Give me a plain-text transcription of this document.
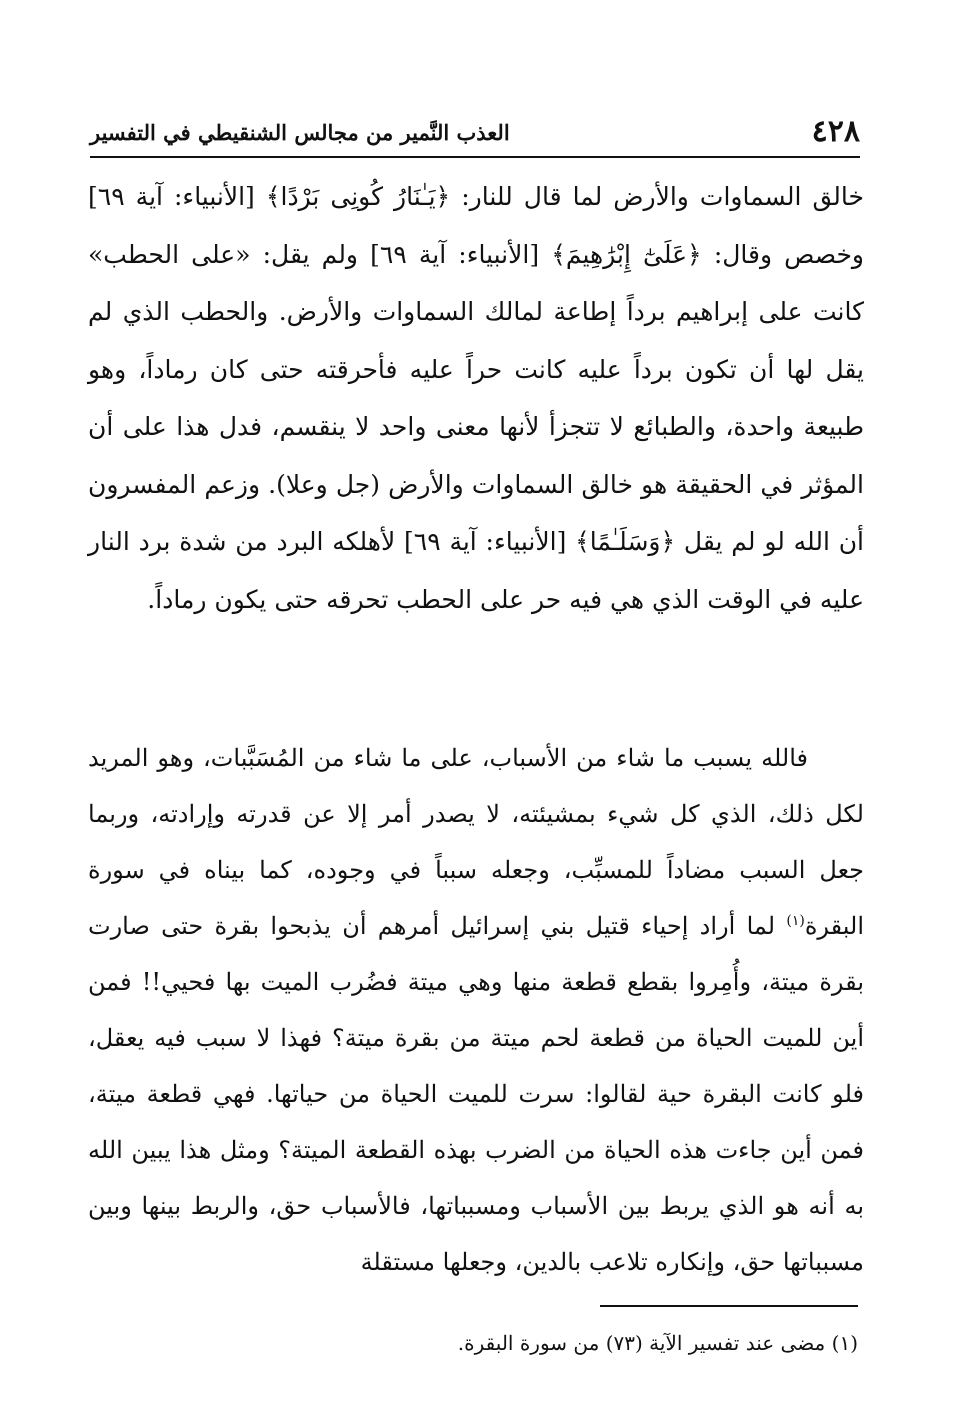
٤٢٨
العذب النَّمير من مجالس الشنقيطي في التفسير

خالق السماوات والأرض لما قال للنار: ﴿يَـٰنَارُ كُونِى بَرْدًا﴾ [الأنبياء: آية ٦٩] وخصص وقال: ﴿عَلَىٰٓ إِبْرَٰهِيمَ﴾ [الأنبياء: آية ٦٩] ولم يقل: «على الحطب» كانت على إبراهيم برداً إطاعة لمالك السماوات والأرض. والحطب الذي لم يقل لها أن تكون برداً عليه كانت حراً عليه فأحرقته حتى كان رماداً، وهو طبيعة واحدة، والطبائع لا تتجزأ لأنها معنى واحد لا ينقسم، فدل هذا على أن المؤثر في الحقيقة هو خالق السماوات والأرض (جل وعلا). وزعم المفسرون أن الله لو لم يقل ﴿وَسَلَـٰمًا﴾ [الأنبياء: آية ٦٩] لأهلكه البرد من شدة برد النار عليه في الوقت الذي هي فيه حر على الحطب تحرقه حتى يكون رماداً.

فالله يسبب ما شاء من الأسباب، على ما شاء من المُسَبَّبات، وهو المريد لكل ذلك، الذي كل شيء بمشيئته، لا يصدر أمر إلا عن قدرته وإرادته، وربما جعل السبب مضاداً للمسبِّب، وجعله سبباً في وجوده، كما بيناه في سورة البقرة$^{(١)}$ لما أراد إحياء قتيل بني إسرائيل أمرهم أن يذبحوا بقرة حتى صارت بقرة ميتة، وأُمِروا بقطع قطعة منها وهي ميتة فضُرب الميت بها فحيي!! فمن أين للميت الحياة من قطعة لحم ميتة من بقرة ميتة؟ فهذا لا سبب فيه يعقل، فلو كانت البقرة حية لقالوا: سرت للميت الحياة من حياتها. فهي قطعة ميتة، فمن أين جاءت هذه الحياة من الضرب بهذه القطعة الميتة؟ ومثل هذا يبين الله به أنه هو الذي يربط بين الأسباب ومسبباتها، فالأسباب حق، والربط بينها وبين مسبباتها حق، وإنكاره تلاعب بالدين، وجعلها مستقلة

(١) مضى عند تفسير الآية (٧٣) من سورة البقرة.
